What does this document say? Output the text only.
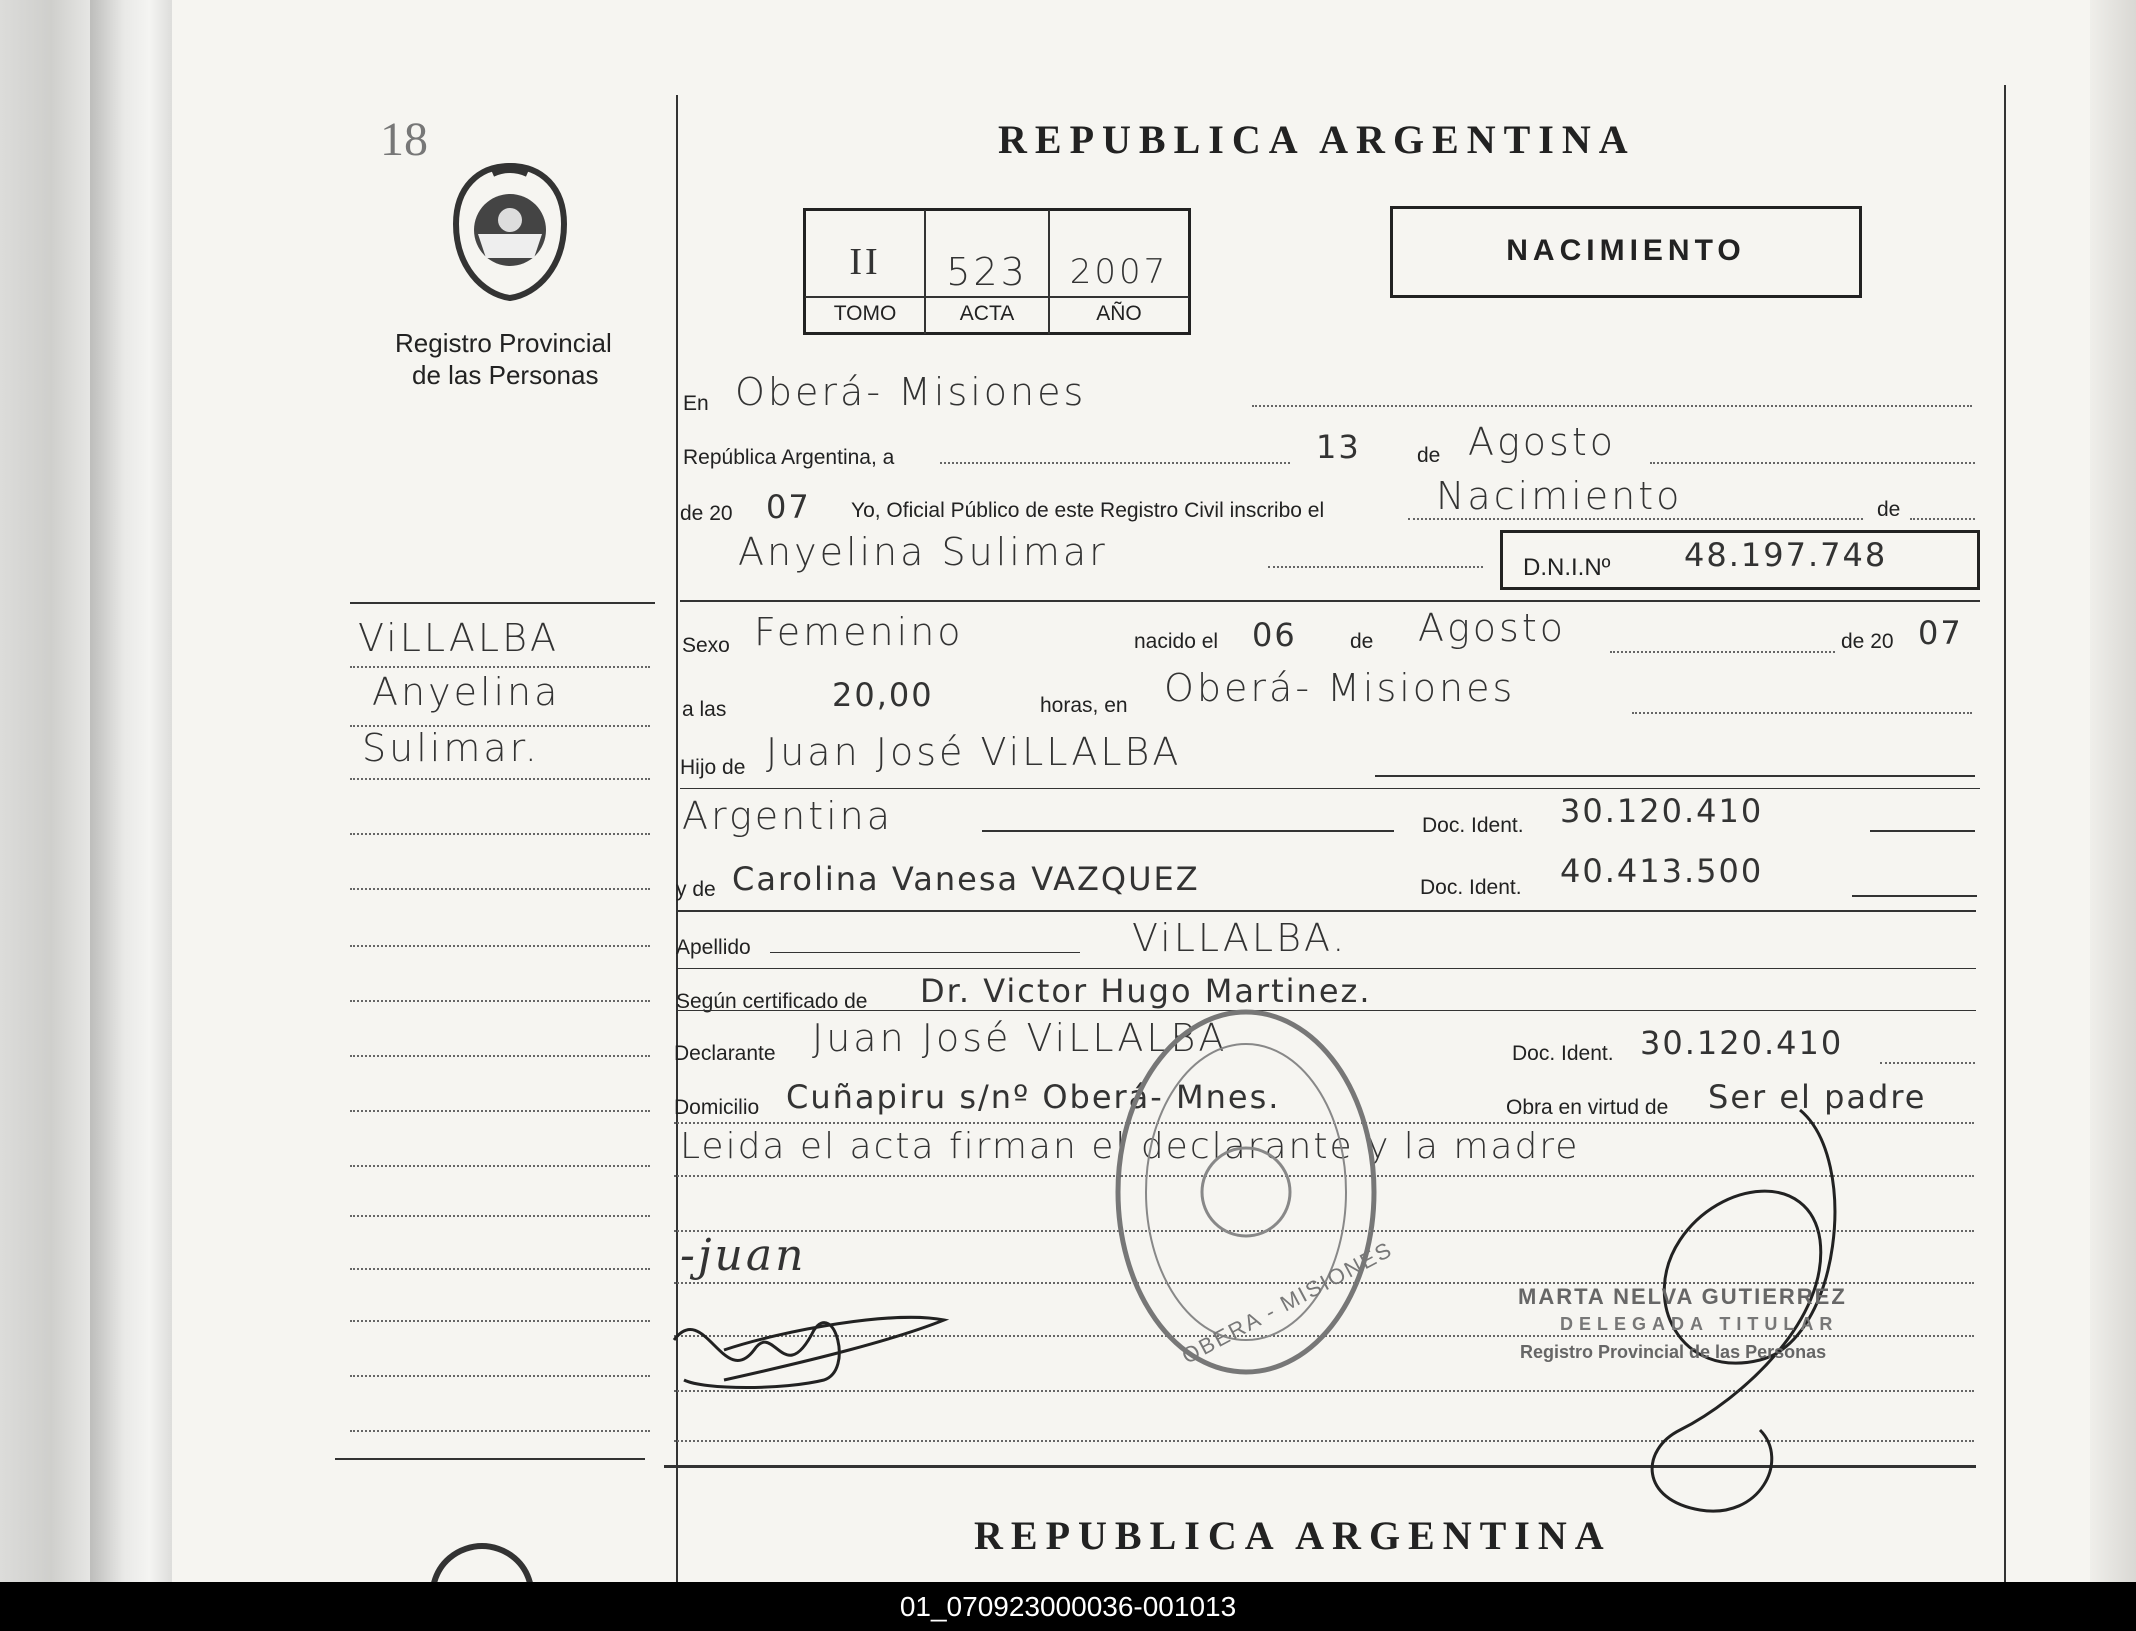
18
Registro Provincial
de las Personas
ViLLALBA
Anyelina
Sulimar.
REPUBLICA ARGENTINA
II	523	2007
TOMO	ACTA	AÑO
NACIMIENTO
En Oberá- Misiones
República Argentina, a	13	de Agosto
de 20 07 Yo, Oficial Público de este Registro Civil inscribo el	Nacimiento	de
Anyelina Sulimar	D.N.I.Nº 48.197.748
Sexo Femenino	nacido el 06	de Agosto	de 20 07
a las	20,00	horas, en Oberá- Misiones
Hijo de Juan José ViLLALBA
Argentina	Doc. Ident. 30.120.410
y de Carolina Vanesa VAZQUEZ	Doc. Ident. 40.413.500
Apellido	ViLLALBA.
Según certificado de Dr. Victor Hugo Martinez.
Declarante Juan José ViLLALBA	Doc. Ident. 30.120.410
Domicilio Cuñapiru s/nº Oberá- Mnes.	Obra en virtud de Ser el padre
Leida el acta firman el declarante y la madre
-juan	OBERA - MISIONES	MARTA NELVA GUTIERREZ
DELEGADA TITULAR
Registro Provincial de las Personas
REPUBLICA ARGENTINA
01_070923000036-001013
